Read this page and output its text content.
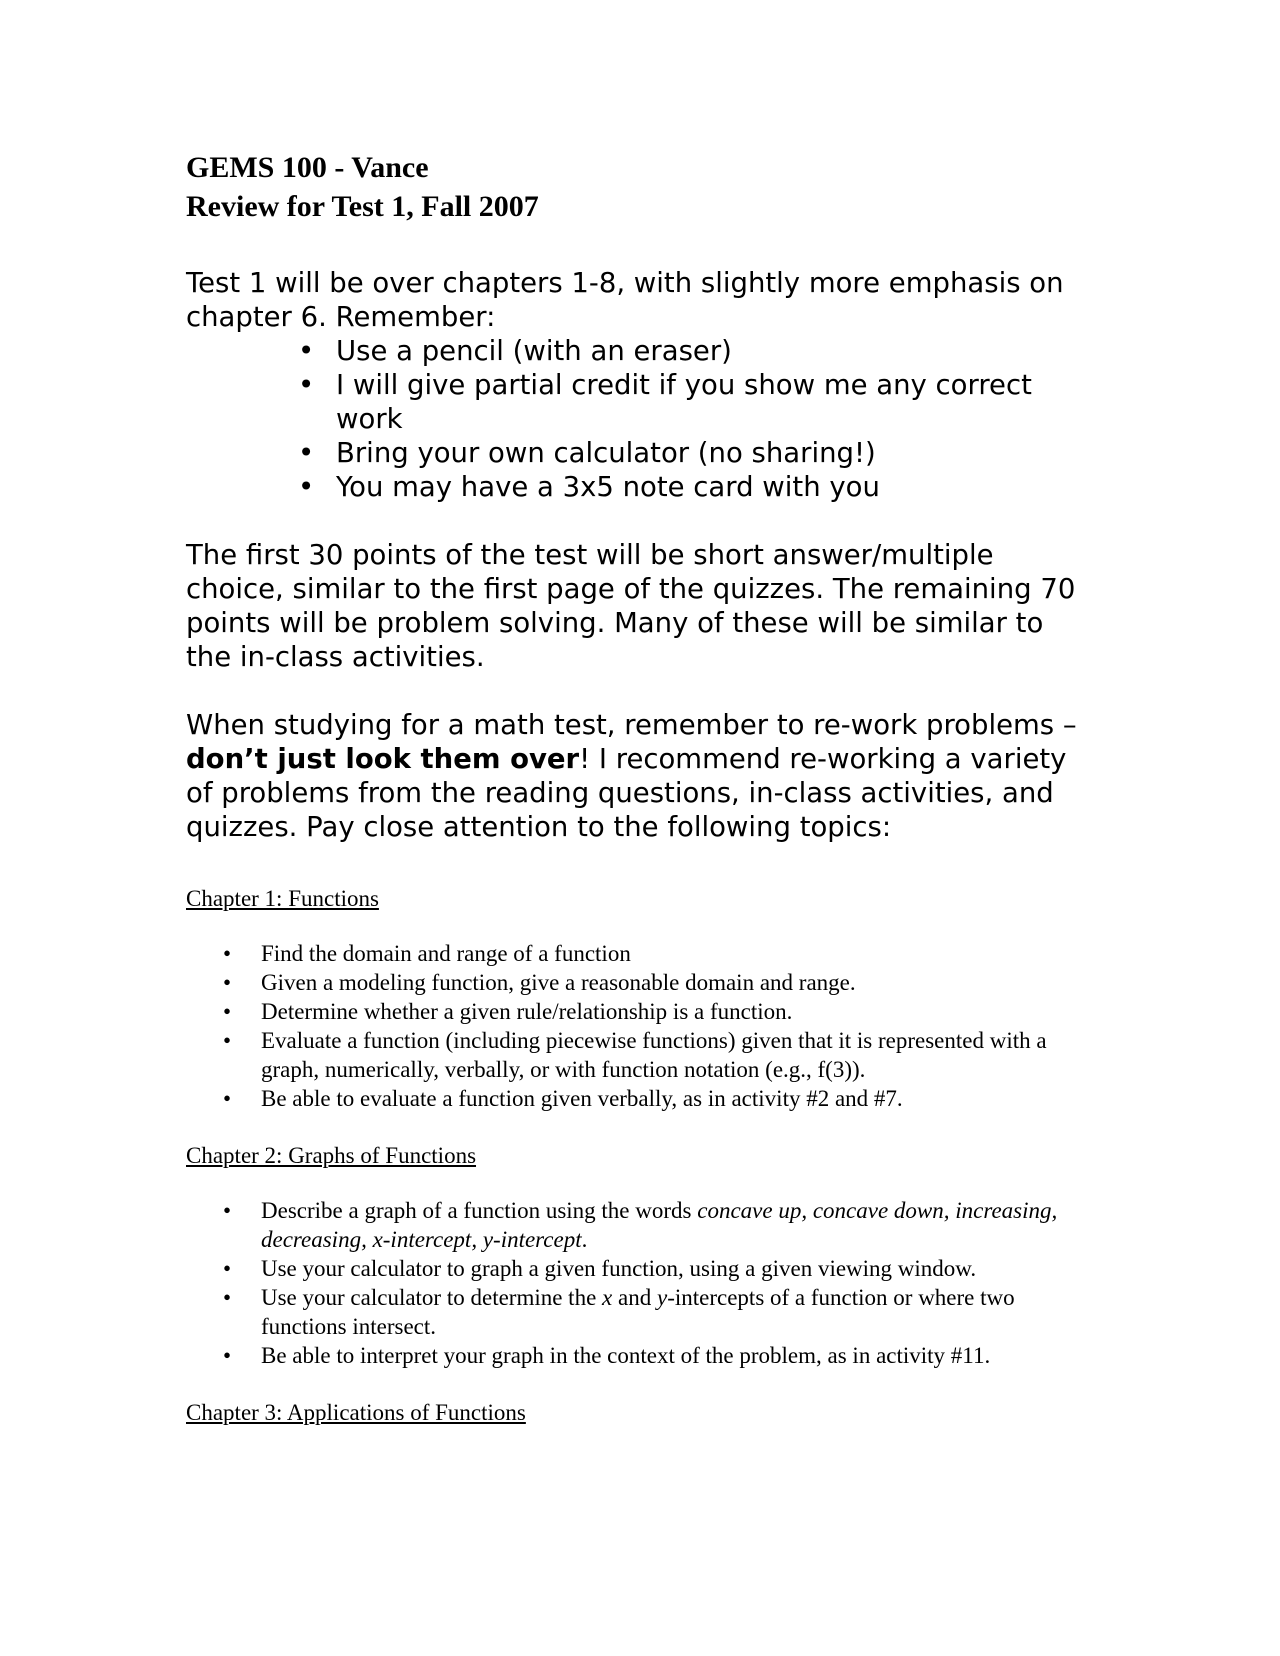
GEMS 100 - Vance

Review for Test 1, Fall 2007

Test 1 will be over chapters 1-8, with slightly more emphasis on chapter 6. Remember:

• Use a pencil (with an eraser)
• I will give partial credit if you show me any correct work
• Bring your own calculator (no sharing!)
• You may have a 3x5 note card with you

The first 30 points of the test will be short answer/multiple choice, similar to the first page of the quizzes. The remaining 70 points will be problem solving. Many of these will be similar to the in-class activities.

When studying for a math test, remember to re-work problems –don’t just look them over! I recommend re-working a variety of problems from the reading questions, in-class activities, and quizzes. Pay close attention to the following topics:

Chapter 1: Functions

• Find the domain and range of a function
• Given a modeling function, give a reasonable domain and range.
• Determine whether a given rule/relationship is a function.
• Evaluate a function (including piecewise functions) given that it is represented with a graph, numerically, verbally, or with function notation (e.g., f(3)).
• Be able to evaluate a function given verbally, as in activity #2 and #7.

Chapter 2: Graphs of Functions

• Describe a graph of a function using the words concave up, concave down, increasing, decreasing, x-intercept, y-intercept.
• Use your calculator to graph a given function, using a given viewing window.
• Use your calculator to determine the x and y-intercepts of a function or where two functions intersect.
• Be able to interpret your graph in the context of the problem, as in activity #11.

Chapter 3: Applications of Functions
